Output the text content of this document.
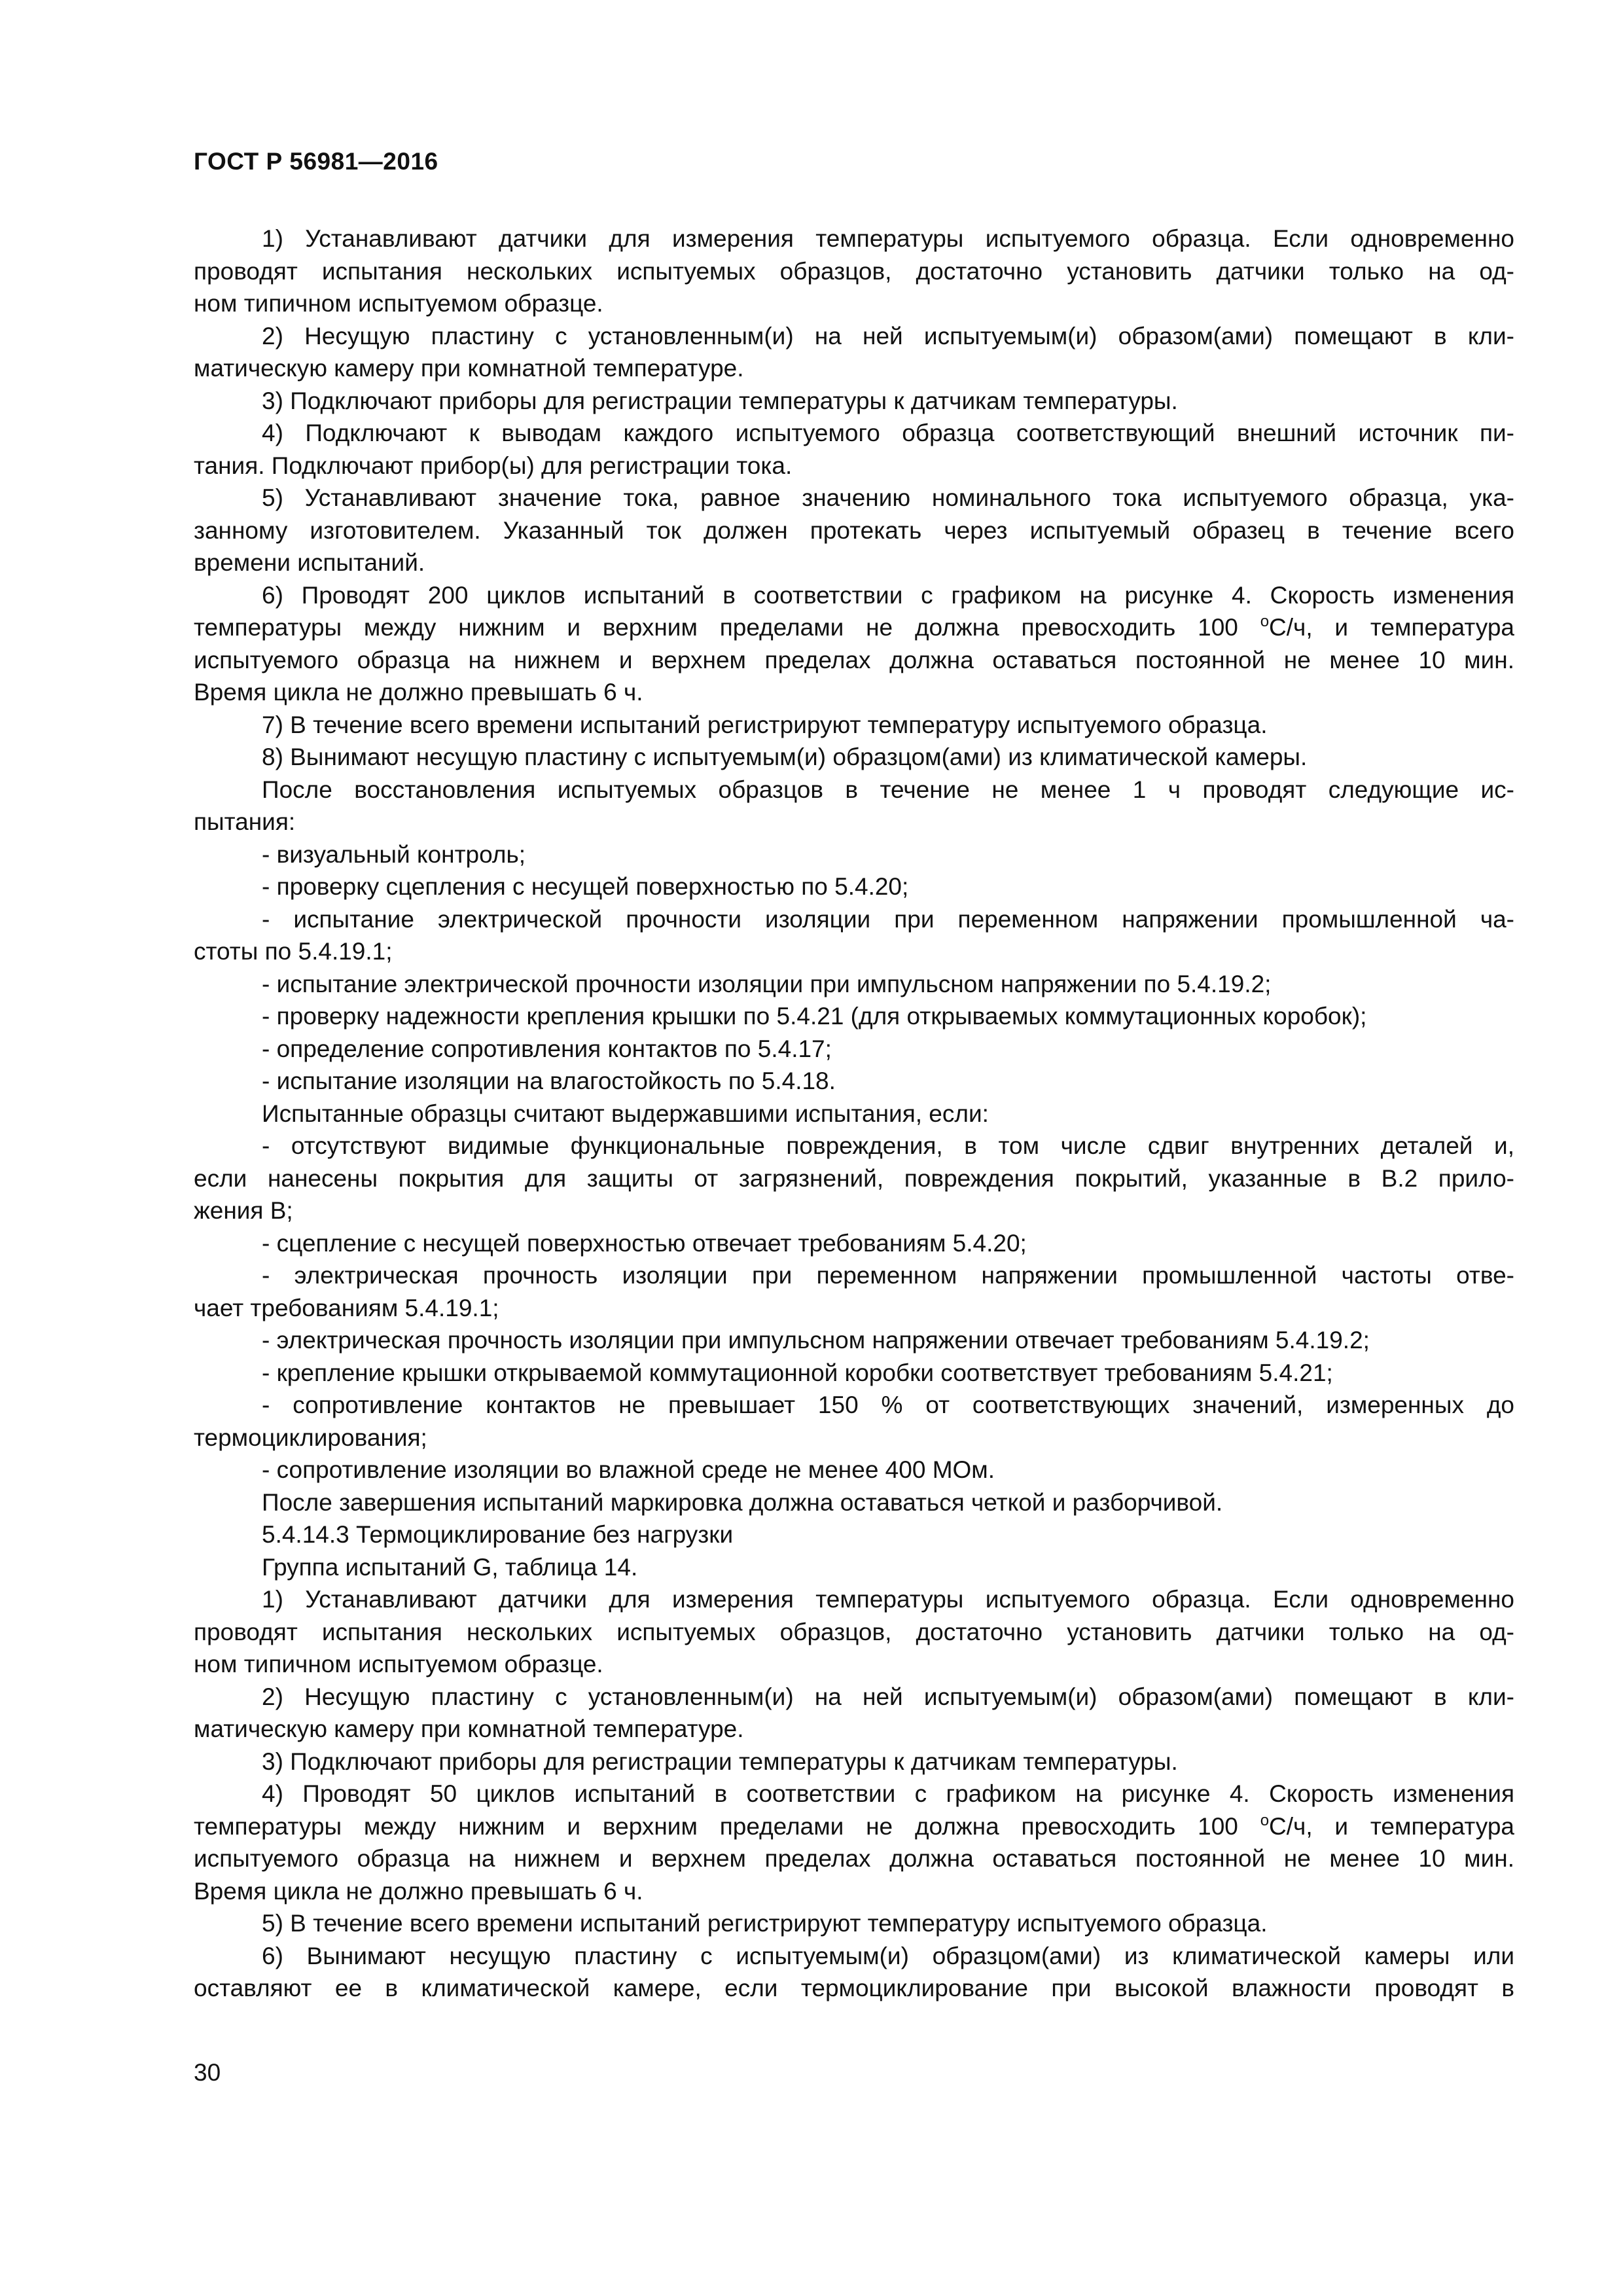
ГОСТ Р 56981—2016
1) Устанавливают датчики для измерения температуры испытуемого образца. Если одновременно
проводят испытания нескольких испытуемых образцов, достаточно установить датчики только на од-
ном типичном испытуемом образце.
2) Несущую пластину с установленным(и) на ней испытуемым(и) образом(ами) помещают в кли-
матическую камеру при комнатной температуре.
3) Подключают приборы для регистрации температуры к датчикам температуры.
4) Подключают к выводам каждого испытуемого образца соответствующий внешний источник пи-
тания. Подключают прибор(ы) для регистрации тока.
5) Устанавливают значение тока, равное значению номинального тока испытуемого образца, ука-
занному изготовителем. Указанный ток должен протекать через испытуемый образец в течение всего
времени испытаний.
6) Проводят 200 циклов испытаний в соответствии с графиком на рисунке 4. Скорость изменения
температуры между нижним и верхним пределами не должна превосходить 100 $^о$С/ч, и температура
испытуемого образца на нижнем и верхнем пределах должна оставаться постоянной не менее 10 мин.
Время цикла не должно превышать 6 ч.
7) В течение всего времени испытаний регистрируют температуру испытуемого образца.
8) Вынимают несущую пластину с испытуемым(и) образцом(ами) из климатической камеры.
После восстановления испытуемых образцов в течение не менее 1 ч проводят следующие ис-
пытания:
- визуальный контроль;
- проверку сцепления с несущей поверхностью по 5.4.20;
- испытание электрической прочности изоляции при переменном напряжении промышленной ча-
стоты по 5.4.19.1;
- испытание электрической прочности изоляции при импульсном напряжении по 5.4.19.2;
- проверку надежности крепления крышки по 5.4.21 (для открываемых коммутационных коробок);
- определение сопротивления контактов по 5.4.17;
- испытание изоляции на влагостойкость по 5.4.18.
Испытанные образцы считают выдержавшими испытания, если:
- отсутствуют видимые функциональные повреждения, в том числе сдвиг внутренних деталей и,
если нанесены покрытия для защиты от загрязнений, повреждения покрытий, указанные в В.2 прило-
жения В;
- сцепление с несущей поверхностью отвечает требованиям 5.4.20;
- электрическая прочность изоляции при переменном напряжении промышленной частоты отве-
чает требованиям 5.4.19.1;
- электрическая прочность изоляции при импульсном напряжении отвечает требованиям 5.4.19.2;
- крепление крышки открываемой коммутационной коробки соответствует требованиям 5.4.21;
- сопротивление контактов не превышает 150 % от соответствующих значений, измеренных до
термоциклирования;
- сопротивление изоляции во влажной среде не менее 400 МОм.
После завершения испытаний маркировка должна оставаться четкой и разборчивой.
5.4.14.3 Термоциклирование без нагрузки
Группа испытаний G, таблица 14.
1) Устанавливают датчики для измерения температуры испытуемого образца. Если одновременно
проводят испытания нескольких испытуемых образцов, достаточно установить датчики только на од-
ном типичном испытуемом образце.
2) Несущую пластину с установленным(и) на ней испытуемым(и) образом(ами) помещают в кли-
матическую камеру при комнатной температуре.
3) Подключают приборы для регистрации температуры к датчикам температуры.
4) Проводят 50 циклов испытаний в соответствии с графиком на рисунке 4. Скорость изменения
температуры между нижним и верхним пределами не должна превосходить 100 $^о$С/ч, и температура
испытуемого образца на нижнем и верхнем пределах должна оставаться постоянной не менее 10 мин.
Время цикла не должно превышать 6 ч.
5) В течение всего времени испытаний регистрируют температуру испытуемого образца.
6) Вынимают несущую пластину с испытуемым(и) образцом(ами) из климатической камеры или
оставляют ее в климатической камере, если термоциклирование при высокой влажности проводят в
30
